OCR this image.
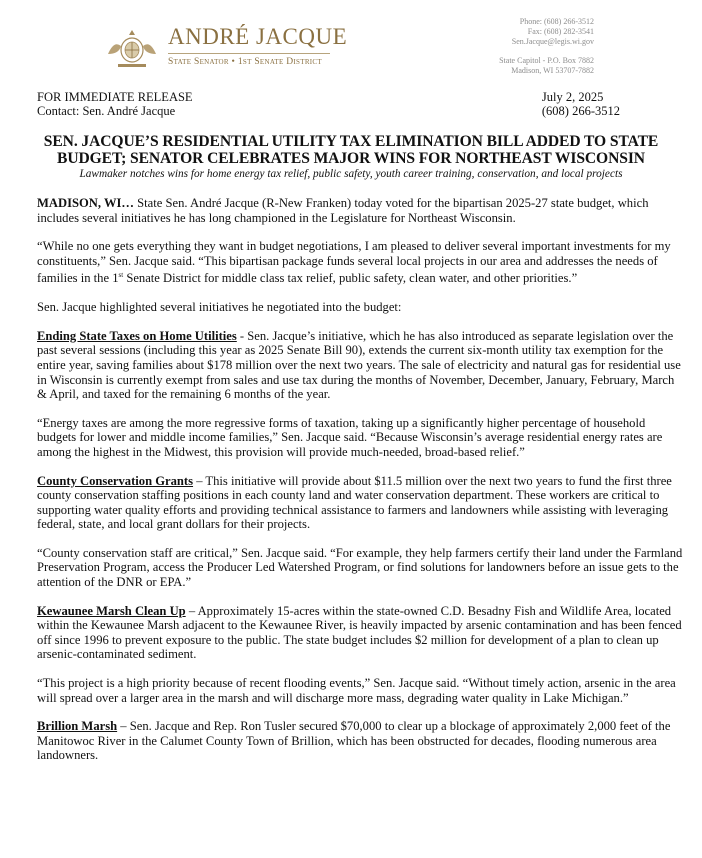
ANDRÉ JACQUE
State Senator • 1st Senate District
Phone: (608) 266-3512
Fax: (608) 282-3541
Sen.Jacque@legis.wi.gov
State Capitol - P.O. Box 7882
Madison, WI 53707-7882
FOR IMMEDIATE RELEASE
Contact: Sen. André Jacque
July 2, 2025
(608) 266-3512
SEN. JACQUE’S RESIDENTIAL UTILITY TAX ELIMINATION BILL ADDED TO STATE BUDGET; SENATOR CELEBRATES MAJOR WINS FOR NORTHEAST WISCONSIN
Lawmaker notches wins for home energy tax relief, public safety, youth career training, conservation, and local projects

MADISON, WI… State Sen. André Jacque (R-New Franken) today voted for the bipartisan 2025-27 state budget, which includes several initiatives he has long championed in the Legislature for Northeast Wisconsin.

“While no one gets everything they want in budget negotiations, I am pleased to deliver several important investments for my constituents,” Sen. Jacque said. “This bipartisan package funds several local projects in our area and addresses the needs of families in the 1st Senate District for middle class tax relief, public safety, clean water, and other priorities.”

Sen. Jacque highlighted several initiatives he negotiated into the budget:

Ending State Taxes on Home Utilities - Sen. Jacque’s initiative, which he has also introduced as separate legislation over the past several sessions (including this year as 2025 Senate Bill 90), extends the current six-month utility tax exemption for the entire year, saving families about $178 million over the next two years. The sale of electricity and natural gas for residential use in Wisconsin is currently exempt from sales and use tax during the months of November, December, January, February, March & April, and taxed for the remaining 6 months of the year.

“Energy taxes are among the more regressive forms of taxation, taking up a significantly higher percentage of household budgets for lower and middle income families,” Sen. Jacque said. “Because Wisconsin’s average residential energy rates are among the highest in the Midwest, this provision will provide much-needed, broad-based relief.”

County Conservation Grants – This initiative will provide about $11.5 million over the next two years to fund the first three county conservation staffing positions in each county land and water conservation department. These workers are critical to supporting water quality efforts and providing technical assistance to farmers and landowners while assisting with leveraging federal, state, and local grant dollars for their projects.

“County conservation staff are critical,” Sen. Jacque said. “For example, they help farmers certify their land under the Farmland Preservation Program, access the Producer Led Watershed Program, or find solutions for landowners before an issue gets to the attention of the DNR or EPA.”

Kewaunee Marsh Clean Up – Approximately 15-acres within the state-owned C.D. Besadny Fish and Wildlife Area, located within the Kewaunee Marsh adjacent to the Kewaunee River, is heavily impacted by arsenic contamination and has been fenced off since 1996 to prevent exposure to the public. The state budget includes $2 million for development of a plan to clean up arsenic-contaminated sediment.

“This project is a high priority because of recent flooding events,” Sen. Jacque said. “Without timely action, arsenic in the area will spread over a larger area in the marsh and will discharge more mass, degrading water quality in Lake Michigan.”

Brillion Marsh – Sen. Jacque and Rep. Ron Tusler secured $70,000 to clear up a blockage of approximately 2,000 feet of the Manitowoc River in the Calumet County Town of Brillion, which has been obstructed for decades, flooding numerous area landowners.
